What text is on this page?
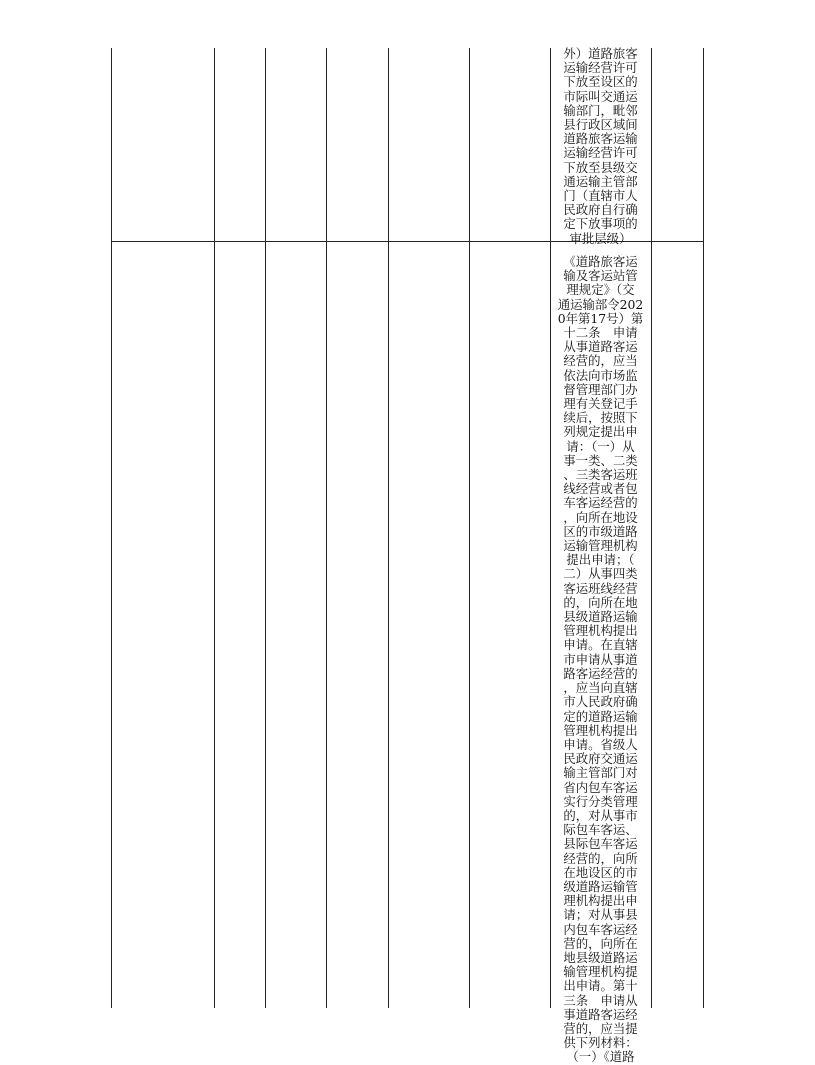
外）道路旅客
运输经营许可
下放至设区的
市际叫交通运
输部门，毗邻
县行政区域间
道路旅客运输
运输经营许可
下放至县级交
通运输主管部
门（直辖市人
民政府自行确
定下放事项的
审批层级）
《道路旅客运
输及客运站管
理规定》（交
通运输部令202
0年第17号）第
十二条　申请
从事道路客运
经营的，应当
依法向市场监
督管理部门办
理有关登记手
续后，按照下
列规定提出申
请：（一）从
事一类、二类
、三类客运班
线经营或者包
车客运经营的
，向所在地设
区的市级道路
运输管理机构
提出申请；（
二）从事四类
客运班线经营
的，向所在地
县级道路运输
管理机构提出
申请。在直辖
市申请从事道
路客运经营的
，应当向直辖
市人民政府确
定的道路运输
管理机构提出
申请。省级人
民政府交通运
输主管部门对
省内包车客运
实行分类管理
的，对从事市
际包车客运、
县际包车客运
经营的，向所
在地设区的市
级道路运输管
理机构提出申
请；对从事县
内包车客运经
营的，向所在
地县级道路运
输管理机构提
出申请。第十
三条　申请从
事道路客运经
营的，应当提
供下列材料：
（一）《道路
